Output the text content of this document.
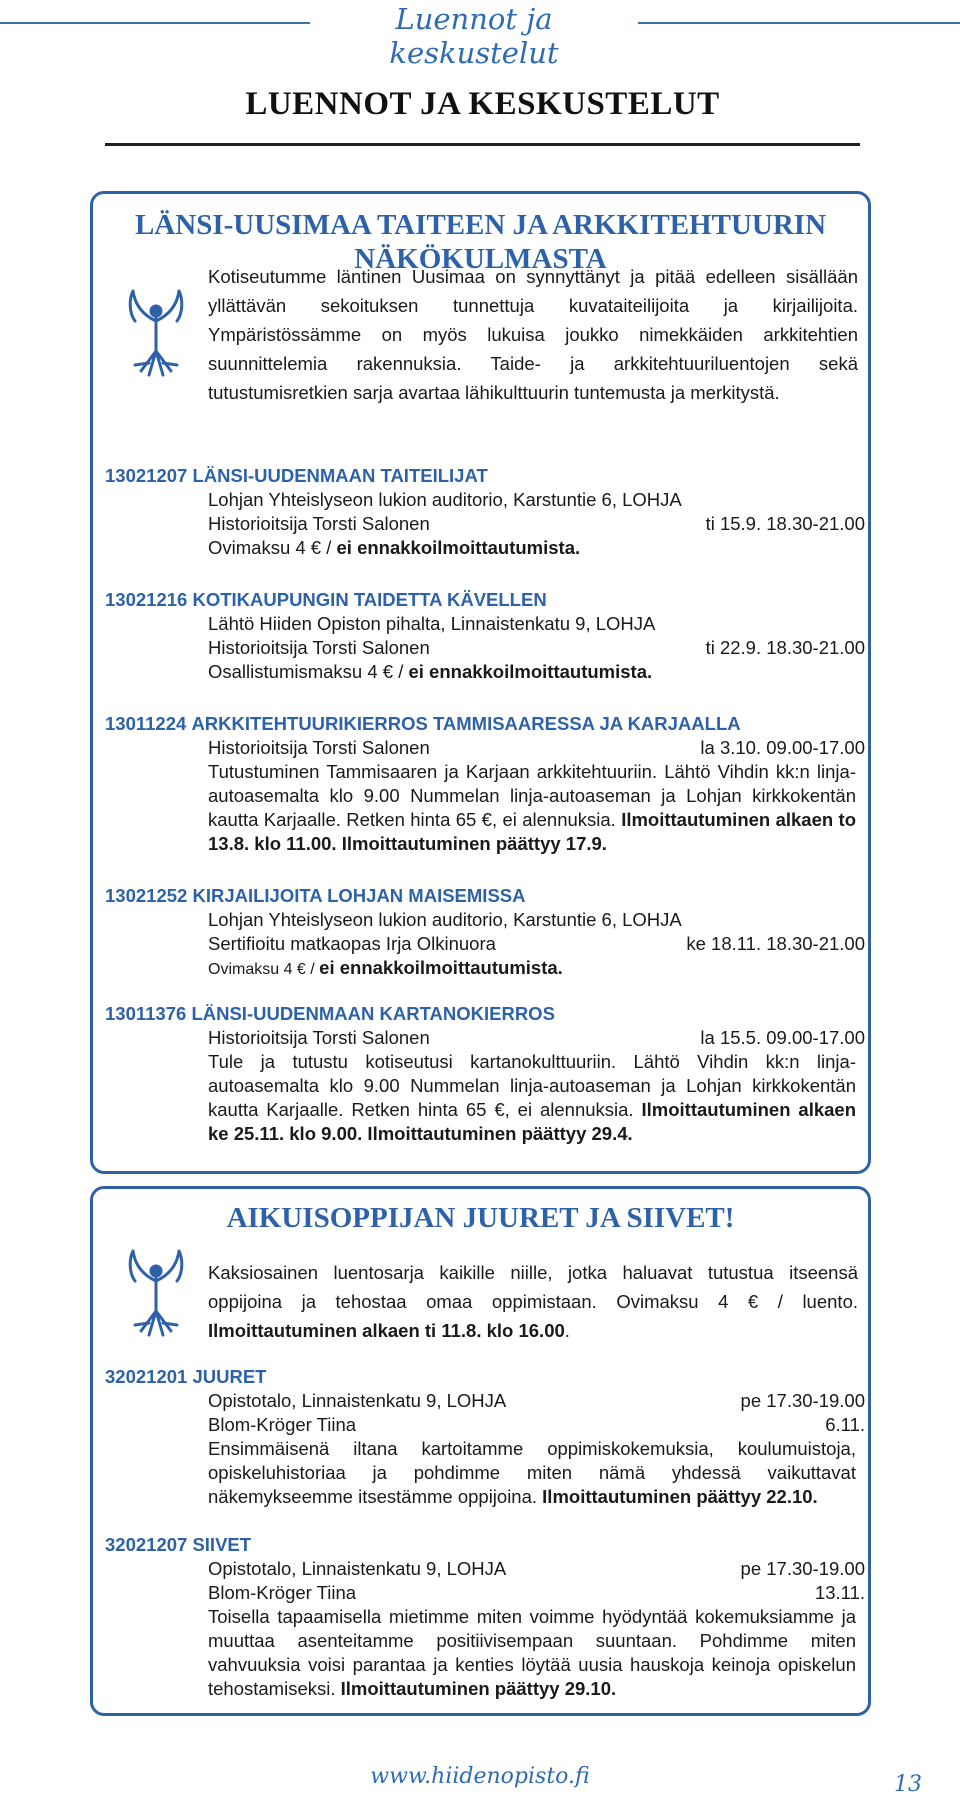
Luennot ja keskustelut
LUENNOT JA KESKUSTELUT
LÄNSI-UUSIMAA TAITEEN JA ARKKITEHTUURIN NÄKÖKULMASTA
Kotiseutumme läntinen Uusimaa on synnyttänyt ja pitää edelleen sisällään yllättävän sekoituksen tunnettuja kuvataiteilijoita ja kirjailijoita. Ympäristössämme on myös lukuisa joukko nimekkäiden arkkitehtien suunnittelemia rakennuksia. Taide- ja arkkitehtuuriluentojen sekä tutustumisretkien sarja avartaa lähikulttuurin tuntemusta ja merkitystä.
13021207 LÄNSI-UUDENMAAN TAITEILIJAT
Lohjan Yhteislyseon lukion auditorio, Karstuntie 6, LOHJA
Historioitsija Torsti Salonen	ti 15.9. 18.30-21.00
Ovimaksu 4 € / ei ennakkoilmoittautumista.
13021216 KOTIKAUPUNGIN TAIDETTA KÄVELLEN
Lähtö Hiiden Opiston pihalta, Linnaistenkatu 9, LOHJA
Historioitsija Torsti Salonen	ti 22.9. 18.30-21.00
Osallistumismaksu 4 € / ei ennakkoilmoittautumista.
13011224 ARKKITEHTUURIKIERROS TAMMISAARESSA JA KARJAALLA
Historioitsija Torsti Salonen	la 3.10. 09.00-17.00
Tutustuminen Tammisaaren ja Karjaan arkkitehtuuriin. Lähtö Vihdin kk:n linja-autoasemalta klo 9.00 Nummelan linja-autoaseman ja Lohjan kirkkokentän kautta Karjaalle. Retken hinta 65 €, ei alennuksia. Ilmoittautuminen alkaen to 13.8. klo 11.00. Ilmoittautuminen päättyy 17.9.
13021252 KIRJAILIJOITA LOHJAN MAISEMISSA
Lohjan Yhteislyseon lukion auditorio, Karstuntie 6, LOHJA
Sertifioitu matkaopas Irja Olkinuora	ke 18.11. 18.30-21.00
Ovimaksu 4 € / ei ennakkoilmoittautumista.
13011376 LÄNSI-UUDENMAAN KARTANOKIERROS
Historioitsija Torsti Salonen	la 15.5. 09.00-17.00
Tule ja tutustu kotiseutusi kartanokulttuuriin. Lähtö Vihdin kk:n linja-autoasemalta klo 9.00 Nummelan linja-autoaseman ja Lohjan kirkkokentän kautta Karjaalle. Retken hinta 65 €, ei alennuksia. Ilmoittautuminen alkaen ke 25.11. klo 9.00. Ilmoittautuminen päättyy 29.4.
AIKUISOPPIJAN JUURET JA SIIVET!
Kaksiosainen luentosarja kaikille niille, jotka haluavat tutustua itseensä oppijoina ja tehostaa omaa oppimistaan. Ovimaksu 4 € / luento. Ilmoittautuminen alkaen ti 11.8. klo 16.00.
32021201 JUURET
Opistotalo, Linnaistenkatu 9, LOHJA	pe 17.30-19.00
Blom-Kröger Tiina	6.11.
Ensimmäisenä iltana kartoitamme oppimiskokemuksia, koulumuistoja, opiskeluhistoriaa ja pohdimme miten nämä yhdessä vaikuttavat näkemykseemme itsestämme oppijoina. Ilmoittautuminen päättyy 22.10.
32021207 SIIVET
Opistotalo, Linnaistenkatu 9, LOHJA	pe 17.30-19.00
Blom-Kröger Tiina	13.11.
Toisella tapaamisella mietimme miten voimme hyödyntää kokemuksiamme ja muuttaa asenteitamme positiivisempaan suuntaan. Pohdimme miten vahvuuksia voisi parantaa ja kenties löytää uusia hauskoja keinoja opiskelun tehostamiseksi. Ilmoittautuminen päättyy 29.10.
www.hiidenopisto.fi	13
